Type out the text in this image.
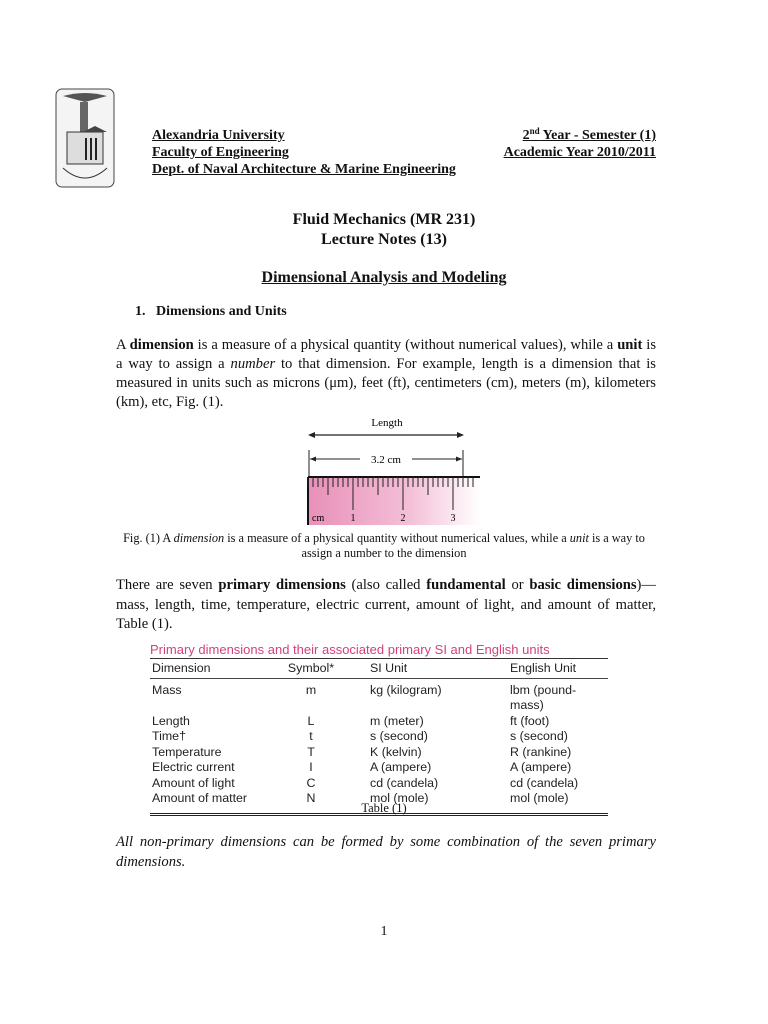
Alexandria University	2nd Year - Semester (1)
Faculty of Engineering	Academic Year 2010/2011
Dept. of Naval Architecture & Marine Engineering
Fluid Mechanics (MR 231)
Lecture Notes (13)
Dimensional Analysis and Modeling
1.   Dimensions and Units
A dimension is a measure of a physical quantity (without numerical values), while a unit is a way to assign a number to that dimension. For example, length is a dimension that is measured in units such as microns (μm), feet (ft), centimeters (cm), meters (m), kilometers (km), etc, Fig. (1).
Length
3.2 cm
cm	1	2	3
Fig. (1) A dimension is a measure of a physical quantity without numerical values, while a unit is a way to assign a number to the dimension
There are seven primary dimensions (also called fundamental or basic dimensions)—mass, length, time, temperature, electric current, amount of light, and amount of matter, Table (1).
Primary dimensions and their associated primary SI and English units
Dimension	Symbol*	SI Unit	English Unit
Mass	m	kg (kilogram)	lbm (pound-mass)
Length	L	m (meter)	ft (foot)
Time†	t	s (second)	s (second)
Temperature	T	K (kelvin)	R (rankine)
Electric current	I	A (ampere)	A (ampere)
Amount of light	C	cd (candela)	cd (candela)
Amount of matter	N	mol (mole)	mol (mole)
Table (1)
All non-primary dimensions can be formed by some combination of the seven primary dimensions.
1
